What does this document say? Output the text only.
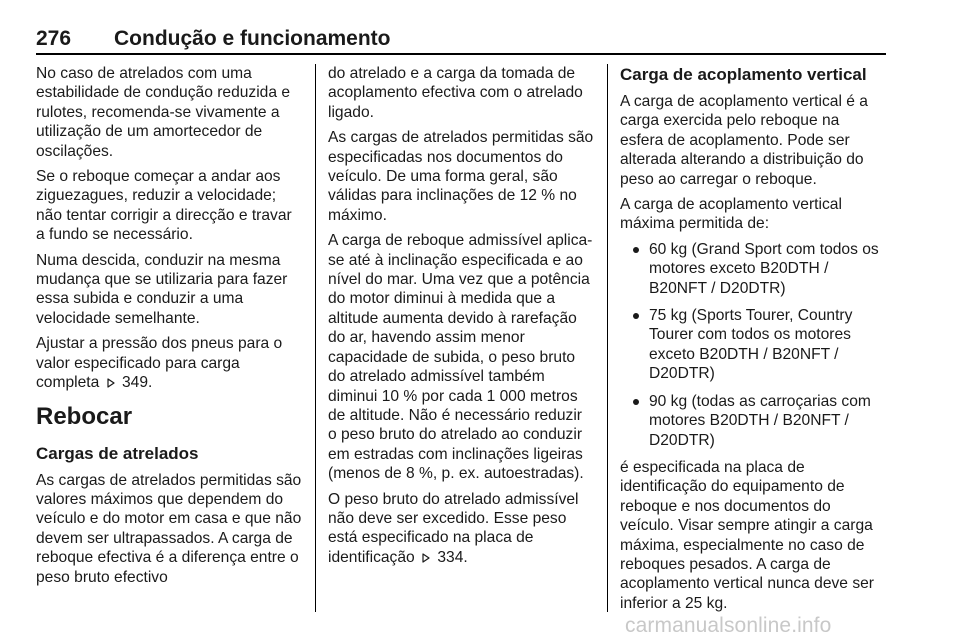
276 Condução e funcionamento

No caso de atrelados com uma estabilidade de condução reduzida e rulotes, recomenda-se vivamente a utilização de um amortecedor de oscilações.

Se o reboque começar a andar aos ziguezagues, reduzir a velocidade; não tentar corrigir a direcção e travar a fundo se necessário.

Numa descida, conduzir na mesma mudança que se utilizaria para fazer essa subida e conduzir a uma velocidade semelhante.

Ajustar a pressão dos pneus para o valor especificado para carga completa 349.

Rebocar
Cargas de atrelados

As cargas de atrelados permitidas são valores máximos que dependem do veículo e do motor em casa e que não devem ser ultrapassados. A carga de reboque efectiva é a diferença entre o peso bruto efectivo

do atrelado e a carga da tomada de acoplamento efectiva com o atrelado ligado.

As cargas de atrelados permitidas são especificadas nos documentos do veículo. De uma forma geral, são válidas para inclinações de 12 % no máximo.

A carga de reboque admissível aplica-se até à inclinação especificada e ao nível do mar. Uma vez que a potência do motor diminui à medida que a altitude aumenta devido à rarefação do ar, havendo assim menor capacidade de subida, o peso bruto do atrelado admissível também diminui 10 % por cada 1 000 metros de altitude. Não é necessário reduzir o peso bruto do atrelado ao conduzir em estradas com inclinações ligeiras (menos de 8 %, p. ex. autoestradas).

O peso bruto do atrelado admissível não deve ser excedido. Esse peso está especificado na placa de identificação 334.

Carga de acoplamento vertical

A carga de acoplamento vertical é a carga exercida pelo reboque na esfera de acoplamento. Pode ser alterada alterando a distribuição do peso ao carregar o reboque.

A carga de acoplamento vertical máxima permitida de:

60 kg (Grand Sport com todos os motores exceto B20DTH / B20NFT / D20DTR)
75 kg (Sports Tourer, Country Tourer com todos os motores exceto B20DTH / B20NFT / D20DTR)
90 kg (todas as carroçarias com motores B20DTH / B20NFT / D20DTR)

é especificada na placa de identificação do equipamento de reboque e nos documentos do veículo. Visar sempre atingir a carga máxima, especialmente no caso de reboques pesados. A carga de acoplamento vertical nunca deve ser inferior a 25 kg.

carmanualsonline.info
